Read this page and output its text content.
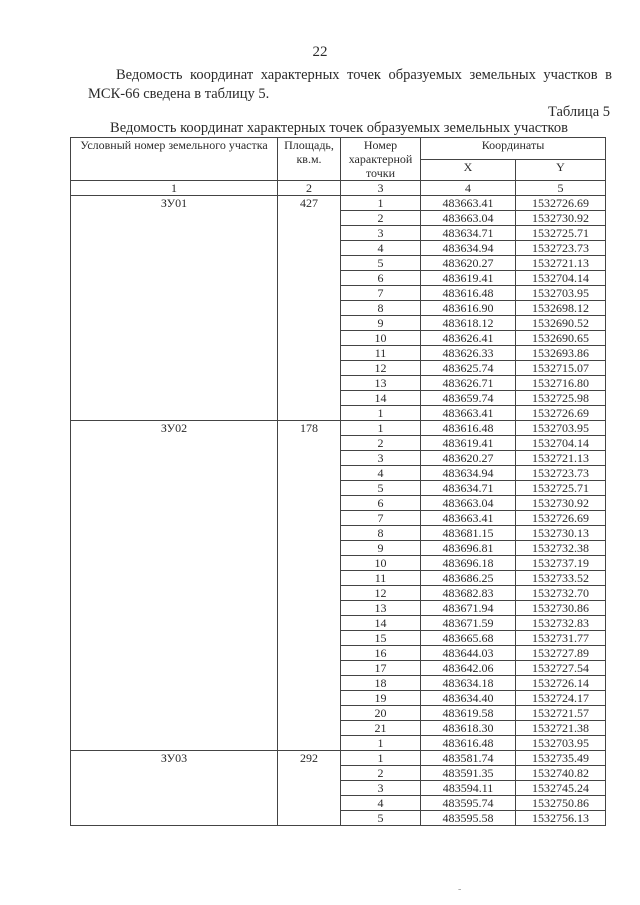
22
Ведомость координат характерных точек образуемых земельных участков в МСК-66 сведена в таблицу 5.
Таблица 5
Ведомость координат характерных точек образуемых земельных участков
Условный номер земельного участка	Площадь, кв.м.	Номер характерной точки	Координаты	
			X	Y
1	2	3	4	5
ЗУ01	427	1	483663.41	1532726.69
		2	483663.04	1532730.92
		3	483634.71	1532725.71
		4	483634.94	1532723.73
		5	483620.27	1532721.13
		6	483619.41	1532704.14
		7	483616.48	1532703.95
		8	483616.90	1532698.12
		9	483618.12	1532690.52
		10	483626.41	1532690.65
		11	483626.33	1532693.86
		12	483625.74	1532715.07
		13	483626.71	1532716.80
		14	483659.74	1532725.98
		1	483663.41	1532726.69
ЗУ02	178	1	483616.48	1532703.95
		2	483619.41	1532704.14
		3	483620.27	1532721.13
		4	483634.94	1532723.73
		5	483634.71	1532725.71
		6	483663.04	1532730.92
		7	483663.41	1532726.69
		8	483681.15	1532730.13
		9	483696.81	1532732.38
		10	483696.18	1532737.19
		11	483686.25	1532733.52
		12	483682.83	1532732.70
		13	483671.94	1532730.86
		14	483671.59	1532732.83
		15	483665.68	1532731.77
		16	483644.03	1532727.89
		17	483642.06	1532727.54
		18	483634.18	1532726.14
		19	483634.40	1532724.17
		20	483619.58	1532721.57
		21	483618.30	1532721.38
		1	483616.48	1532703.95
ЗУ03	292	1	483581.74	1532735.49
		2	483591.35	1532740.82
		3	483594.11	1532745.24
		4	483595.74	1532750.86
		5	483595.58	1532756.13
-
